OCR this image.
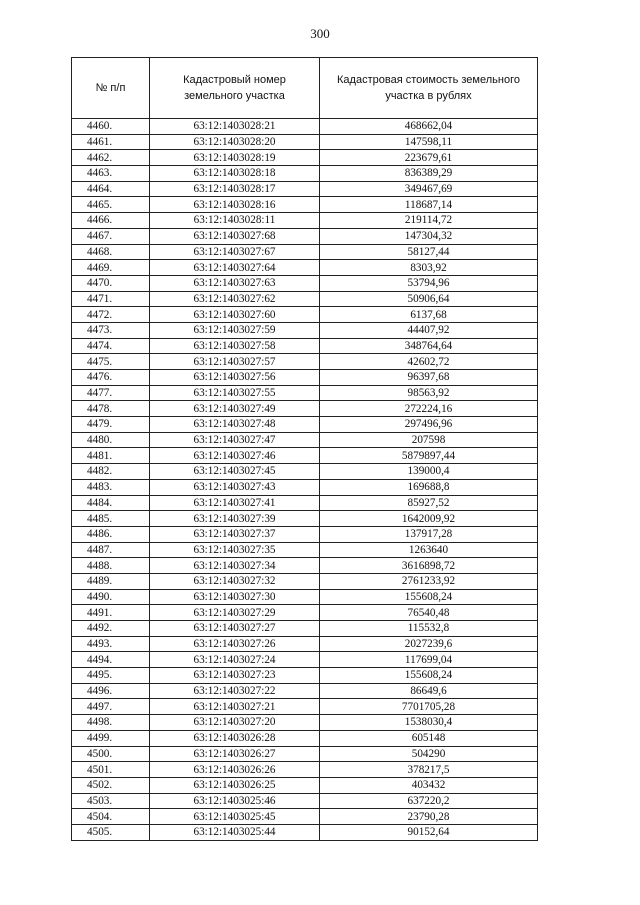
300
№ п/п	Кадастровый номер земельного участка	Кадастровая стоимость земельного участка в рублях
4460.	63:12:1403028:21	468662,04
4461.	63:12:1403028:20	147598,11
4462.	63:12:1403028:19	223679,61
4463.	63:12:1403028:18	836389,29
4464.	63:12:1403028:17	349467,69
4465.	63:12:1403028:16	118687,14
4466.	63:12:1403028:11	219114,72
4467.	63:12:1403027:68	147304,32
4468.	63:12:1403027:67	58127,44
4469.	63:12:1403027:64	8303,92
4470.	63:12:1403027:63	53794,96
4471.	63:12:1403027:62	50906,64
4472.	63:12:1403027:60	6137,68
4473.	63:12:1403027:59	44407,92
4474.	63:12:1403027:58	348764,64
4475.	63:12:1403027:57	42602,72
4476.	63:12:1403027:56	96397,68
4477.	63:12:1403027:55	98563,92
4478.	63:12:1403027:49	272224,16
4479.	63:12:1403027:48	297496,96
4480.	63:12:1403027:47	207598
4481.	63:12:1403027:46	5879897,44
4482.	63:12:1403027:45	139000,4
4483.	63:12:1403027:43	169688,8
4484.	63:12:1403027:41	85927,52
4485.	63:12:1403027:39	1642009,92
4486.	63:12:1403027:37	137917,28
4487.	63:12:1403027:35	1263640
4488.	63:12:1403027:34	3616898,72
4489.	63:12:1403027:32	2761233,92
4490.	63:12:1403027:30	155608,24
4491.	63:12:1403027:29	76540,48
4492.	63:12:1403027:27	115532,8
4493.	63:12:1403027:26	2027239,6
4494.	63:12:1403027:24	117699,04
4495.	63:12:1403027:23	155608,24
4496.	63:12:1403027:22	86649,6
4497.	63:12:1403027:21	7701705,28
4498.	63:12:1403027:20	1538030,4
4499.	63:12:1403026:28	605148
4500.	63:12:1403026:27	504290
4501.	63:12:1403026:26	378217,5
4502.	63:12:1403026:25	403432
4503.	63:12:1403025:46	637220,2
4504.	63:12:1403025:45	23790,28
4505.	63:12:1403025:44	90152,64
